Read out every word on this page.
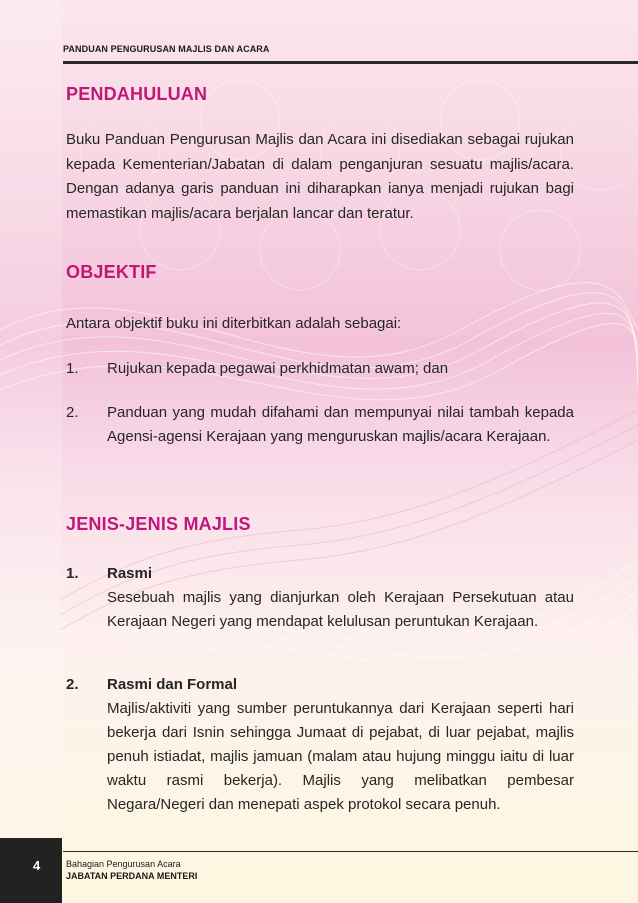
PANDUAN PENGURUSAN MAJLIS DAN ACARA
PENDAHULUAN
Buku Panduan Pengurusan Majlis dan Acara ini disediakan sebagai rujukan kepada Kementerian/Jabatan di dalam penganjuran sesuatu majlis/acara. Dengan adanya garis panduan ini diharapkan ianya menjadi rujukan bagi memastikan majlis/acara berjalan lancar dan teratur.
OBJEKTIF
Antara objektif buku ini diterbitkan adalah sebagai:
1. Rujukan kepada pegawai perkhidmatan awam; dan
2. Panduan yang mudah difahami dan mempunyai nilai tambah kepada Agensi-agensi Kerajaan yang menguruskan majlis/acara Kerajaan.
JENIS-JENIS MAJLIS
1. Rasmi
Sesebuah majlis yang dianjurkan oleh Kerajaan Persekutuan atau Kerajaan Negeri yang mendapat kelulusan peruntukan Kerajaan.
2. Rasmi dan Formal
Majlis/aktiviti yang sumber peruntukannya dari Kerajaan seperti hari bekerja dari Isnin sehingga Jumaat di pejabat, di luar pejabat, majlis penuh istiadat, majlis jamuan (malam atau hujung minggu iaitu di luar waktu rasmi bekerja). Majlis yang melibatkan pembesar Negara/Negeri dan menepati aspek protokol secara penuh.
4	Bahagian Pengurusan Acara
JABATAN PERDANA MENTERI
